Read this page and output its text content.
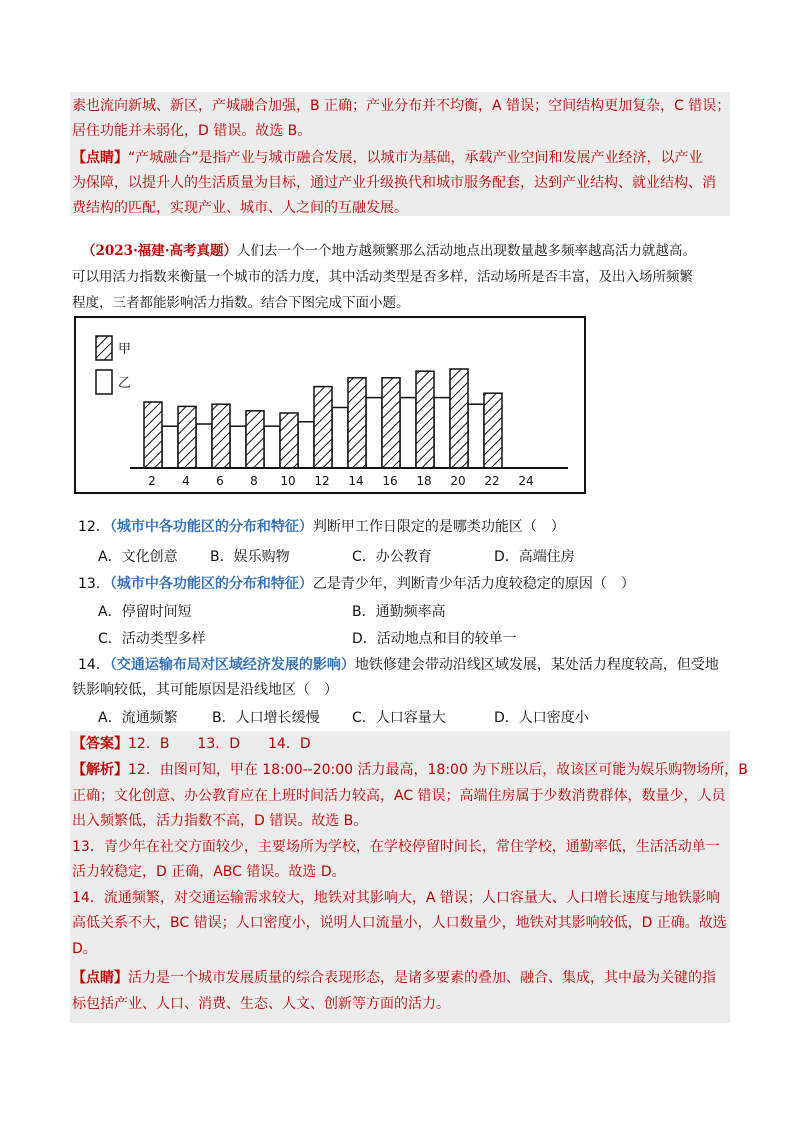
素也流向新城、新区，产城融合加强，B 正确；产业分布并不均衡，A 错误；空间结构更加复杂，C 错误；
居住功能并未弱化，D 错误。故选 B。
【点睛】“产城融合”是指产业与城市融合发展，以城市为基础，承载产业空间和发展产业经济，以产业
为保障，以提升人的生活质量为目标，通过产业升级换代和城市服务配套，达到产业结构、就业结构、消
费结构的匹配，实现产业、城市、人之间的互融发展。
（2023·福建·高考真题）人们去一个一个地方越频繁那么活动地点出现数量越多频率越高活力就越高。
可以用活力指数来衡量一个城市的活力度，其中活动类型是否多样，活动场所是否丰富，及出入场所频繁
程度，三者都能影响活力指数。结合下图完成下面小题。
甲
乙
2 4 6 8 10 12 14 16 18 20 22 24
12．（城市中各功能区的分布和特征）判断甲工作日限定的是哪类功能区（　）
A．文化创意 B．娱乐购物	C．办公教育	D．高端住房
13．（城市中各功能区的分布和特征）乙是青少年，判断青少年活力度较稳定的原因（　）
A．停留时间短	B．通勤频率高
C．活动类型多样	D．活动地点和目的较单一
14．（交通运输布局对区域经济发展的影响）地铁修建会带动沿线区域发展，某处活力程度较高，但受地
铁影响较低，其可能原因是沿线地区（　）
A．流通频繁 B．人口增长缓慢 C．人口容量大	D．人口密度小
【答案】12．B　　13．D　　14．D
【解析】12．由图可知，甲在 18:00--20:00 活力最高，18:00 为下班以后，故该区可能为娱乐购物场所，B
正确；文化创意、办公教育应在上班时间活力较高，AC 错误；高端住房属于少数消费群体，数量少，人员
出入频繁低，活力指数不高，D 错误。故选 B。
13．青少年在社交方面较少，主要场所为学校，在学校停留时间长，常住学校，通勤率低，生活活动单一
活力较稳定，D 正确，ABC 错误。故选 D。
14．流通频繁，对交通运输需求较大，地铁对其影响大，A 错误；人口容量大、人口增长速度与地铁影响
高低关系不大，BC 错误；人口密度小，说明人口流量小，人口数量少，地铁对其影响较低，D 正确。故选
D。
【点睛】活力是一个城市发展质量的综合表现形态，是诸多要素的叠加、融合、集成，其中最为关键的指
标包括产业、人口、消费、生态、人文、创新等方面的活力。
